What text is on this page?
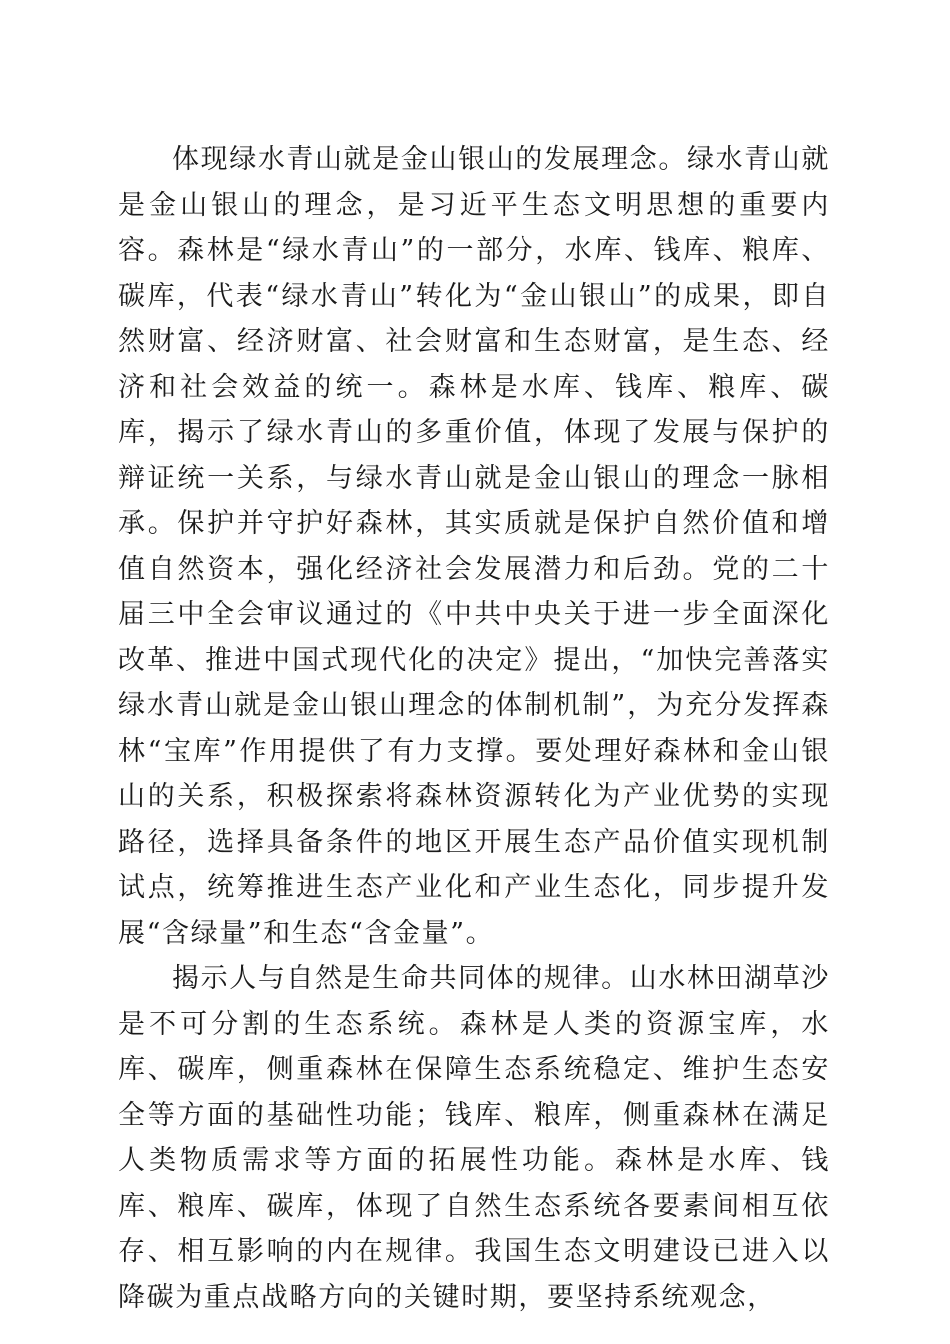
体现绿水青山就是金山银山的发展理念。绿水青山就是金山银山的理念，是习近平生态文明思想的重要内容。森林是“绿水青山”的一部分，水库、钱库、粮库、碳库，代表“绿水青山”转化为“金山银山”的成果，即自然财富、经济财富、社会财富和生态财富，是生态、经济和社会效益的统一。森林是水库、钱库、粮库、碳库，揭示了绿水青山的多重价值，体现了发展与保护的辩证统一关系，与绿水青山就是金山银山的理念一脉相承。保护并守护好森林，其实质就是保护自然价值和增值自然资本，强化经济社会发展潜力和后劲。党的二十届三中全会审议通过的《中共中央关于进一步全面深化改革、推进中国式现代化的决定》提出，“加快完善落实绿水青山就是金山银山理念的体制机制”，为充分发挥森林“宝库”作用提供了有力支撑。要处理好森林和金山银山的关系，积极探索将森林资源转化为产业优势的实现路径，选择具备条件的地区开展生态产品价值实现机制试点，统筹推进生态产业化和产业生态化，同步提升发展“含绿量”和生态“含金量”。

揭示人与自然是生命共同体的规律。山水林田湖草沙是不可分割的生态系统。森林是人类的资源宝库，水库、碳库，侧重森林在保障生态系统稳定、维护生态安全等方面的基础性功能；钱库、粮库，侧重森林在满足人类物质需求等方面的拓展性功能。森林是水库、钱库、粮库、碳库，体现了自然生态系统各要素间相互依存、相互影响的内在规律。我国生态文明建设已进入以降碳为重点战略方向的关键时期，要坚持系统观念，
